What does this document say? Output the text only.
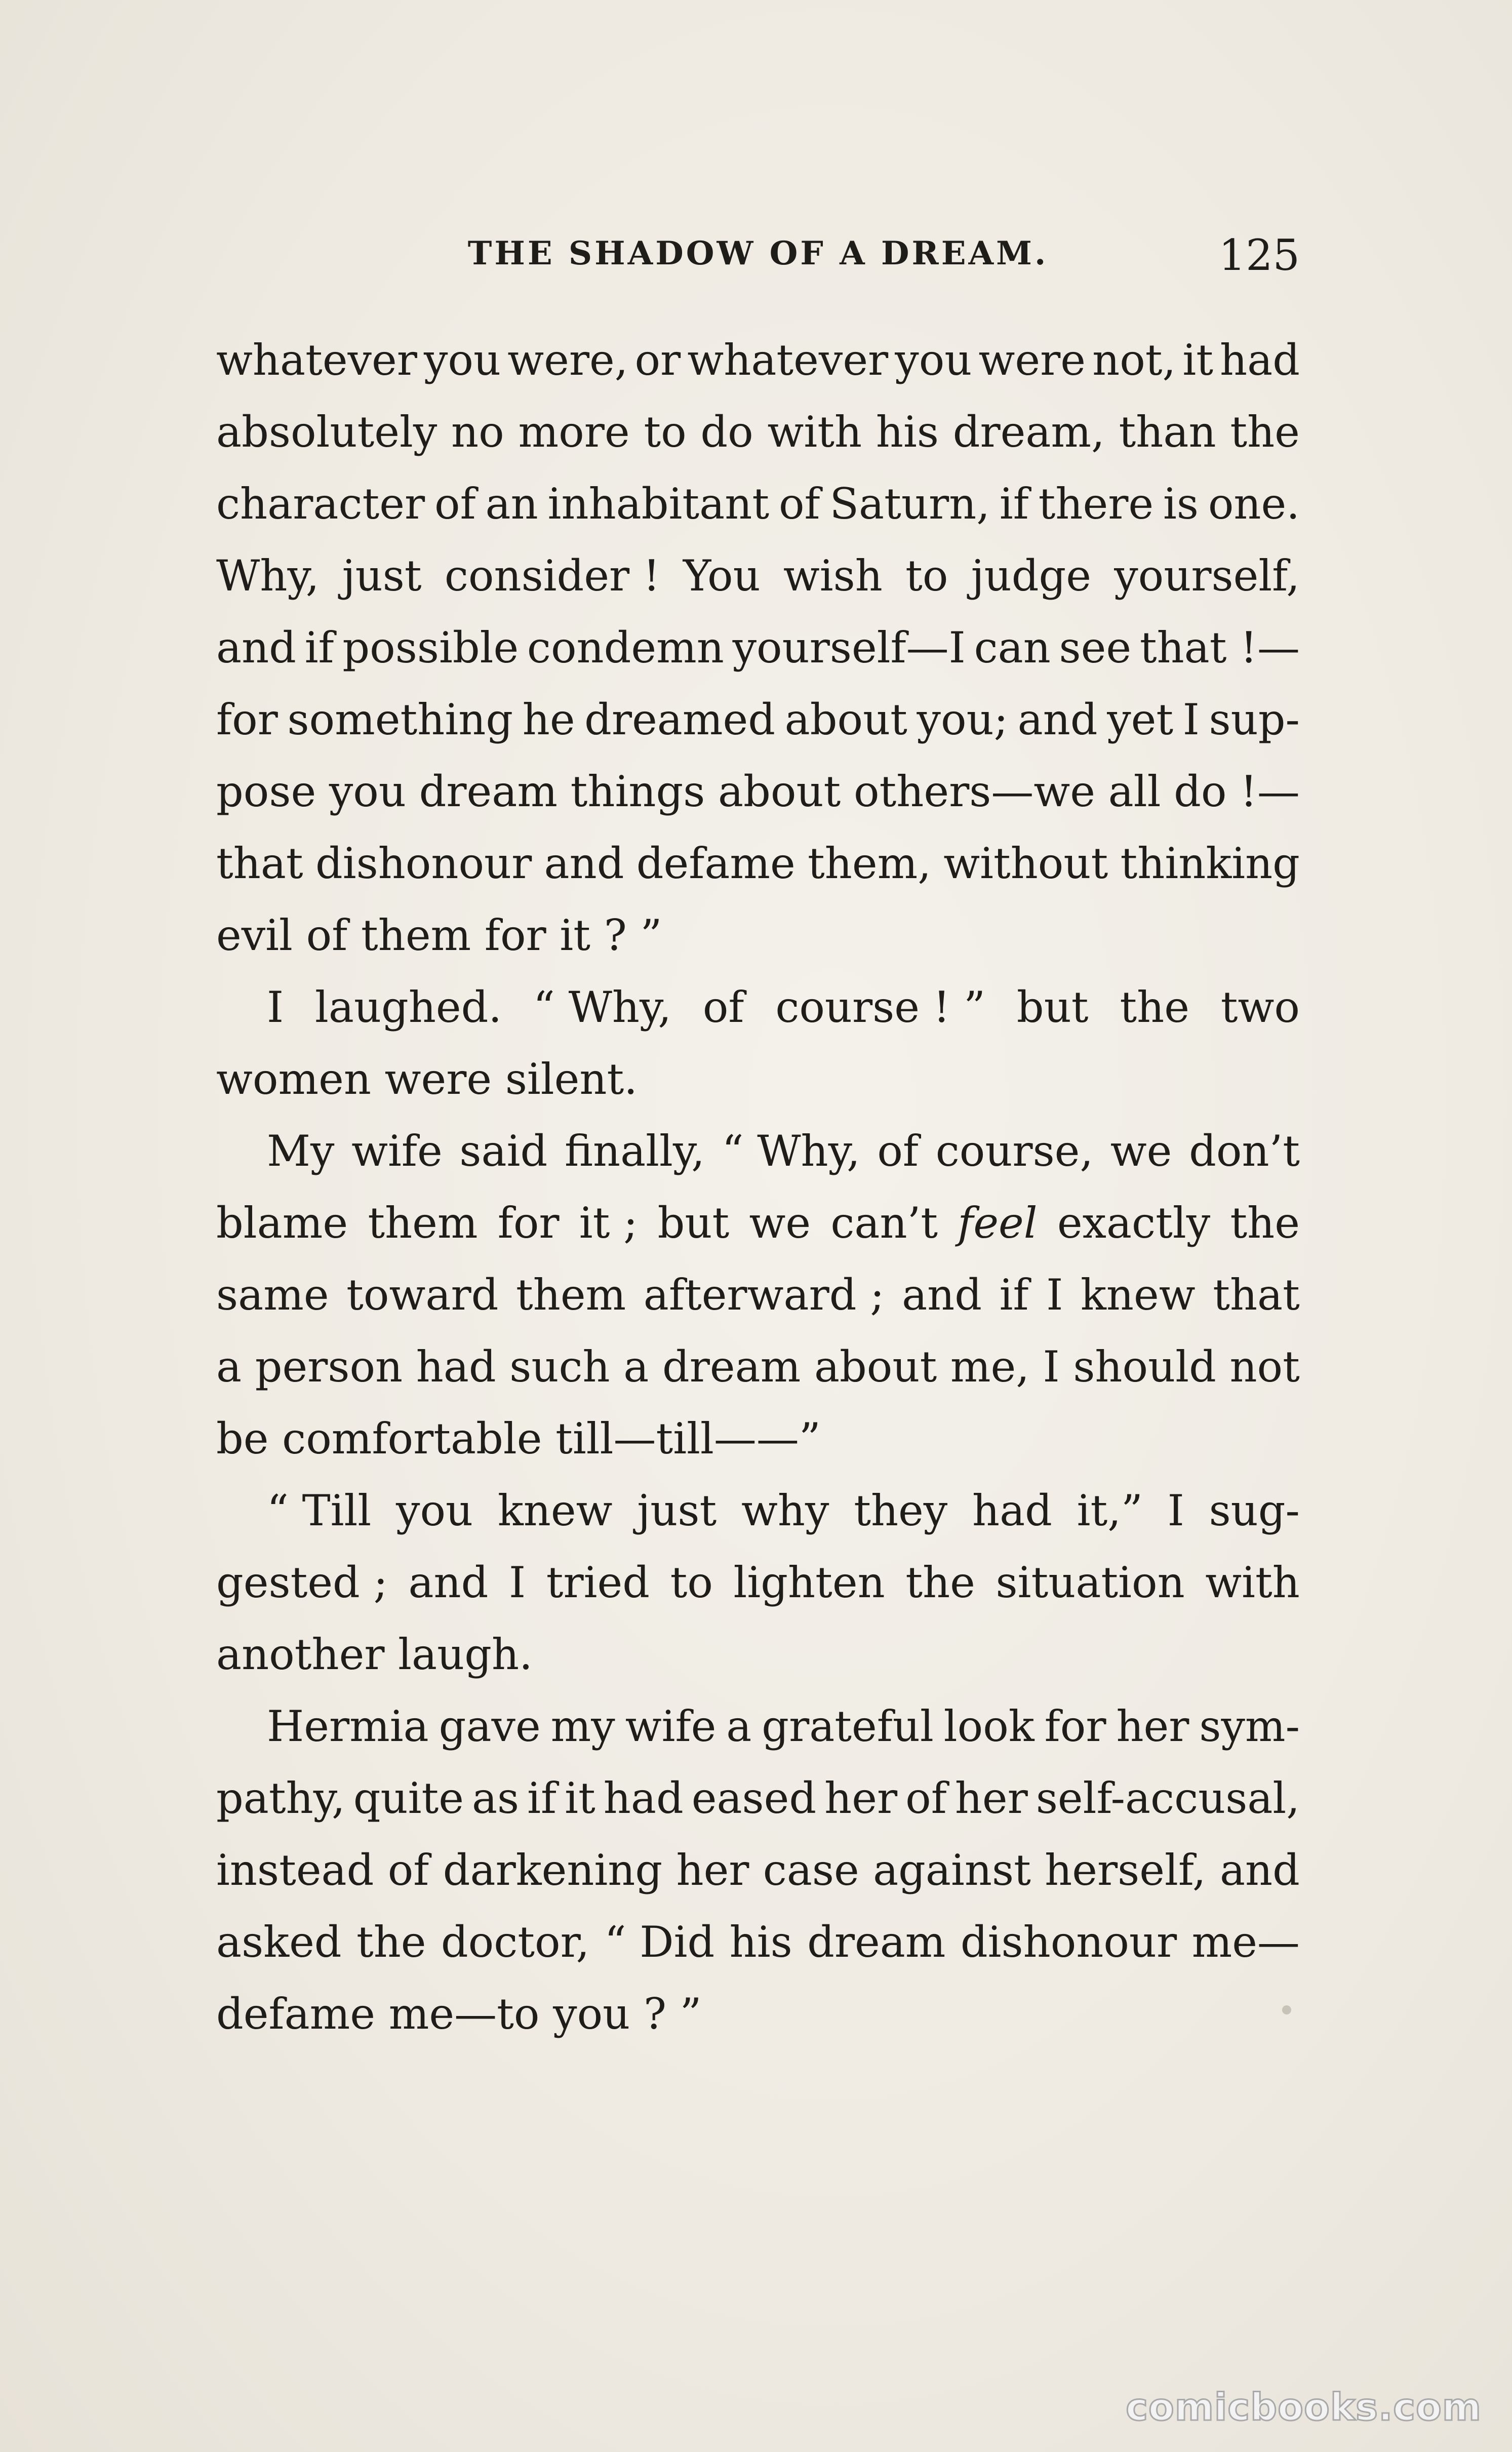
THE SHADOW OF A DREAM.	125
whatever you were, or whatever you were not, it had
absolutely no more to do with his dream, than the
character of an inhabitant of Saturn, if there is one.
Why, just consider ! You wish to judge yourself,
and if possible condemn yourself—I can see that !—
for something he dreamed about you; and yet I sup-
pose you dream things about others—we all do !—
that dishonour and defame them, without thinking
evil of them for it ? ”
I laughed. “ Why, of course ! ” but the two
women were silent.
My wife said finally, “ Why, of course, we don’t
blame them for it ; but we can’t feel exactly the
same toward them afterward ; and if I knew that
a person had such a dream about me, I should not
be comfortable till—till——”
“ Till you knew just why they had it,” I sug-
gested ; and I tried to lighten the situation with
another laugh.
Hermia gave my wife a grateful look for her sym-
pathy, quite as if it had eased her of her self-accusal,
instead of darkening her case against herself, and
asked the doctor, “ Did his dream dishonour me—
defame me—to you ? ”
comicbooks.com
